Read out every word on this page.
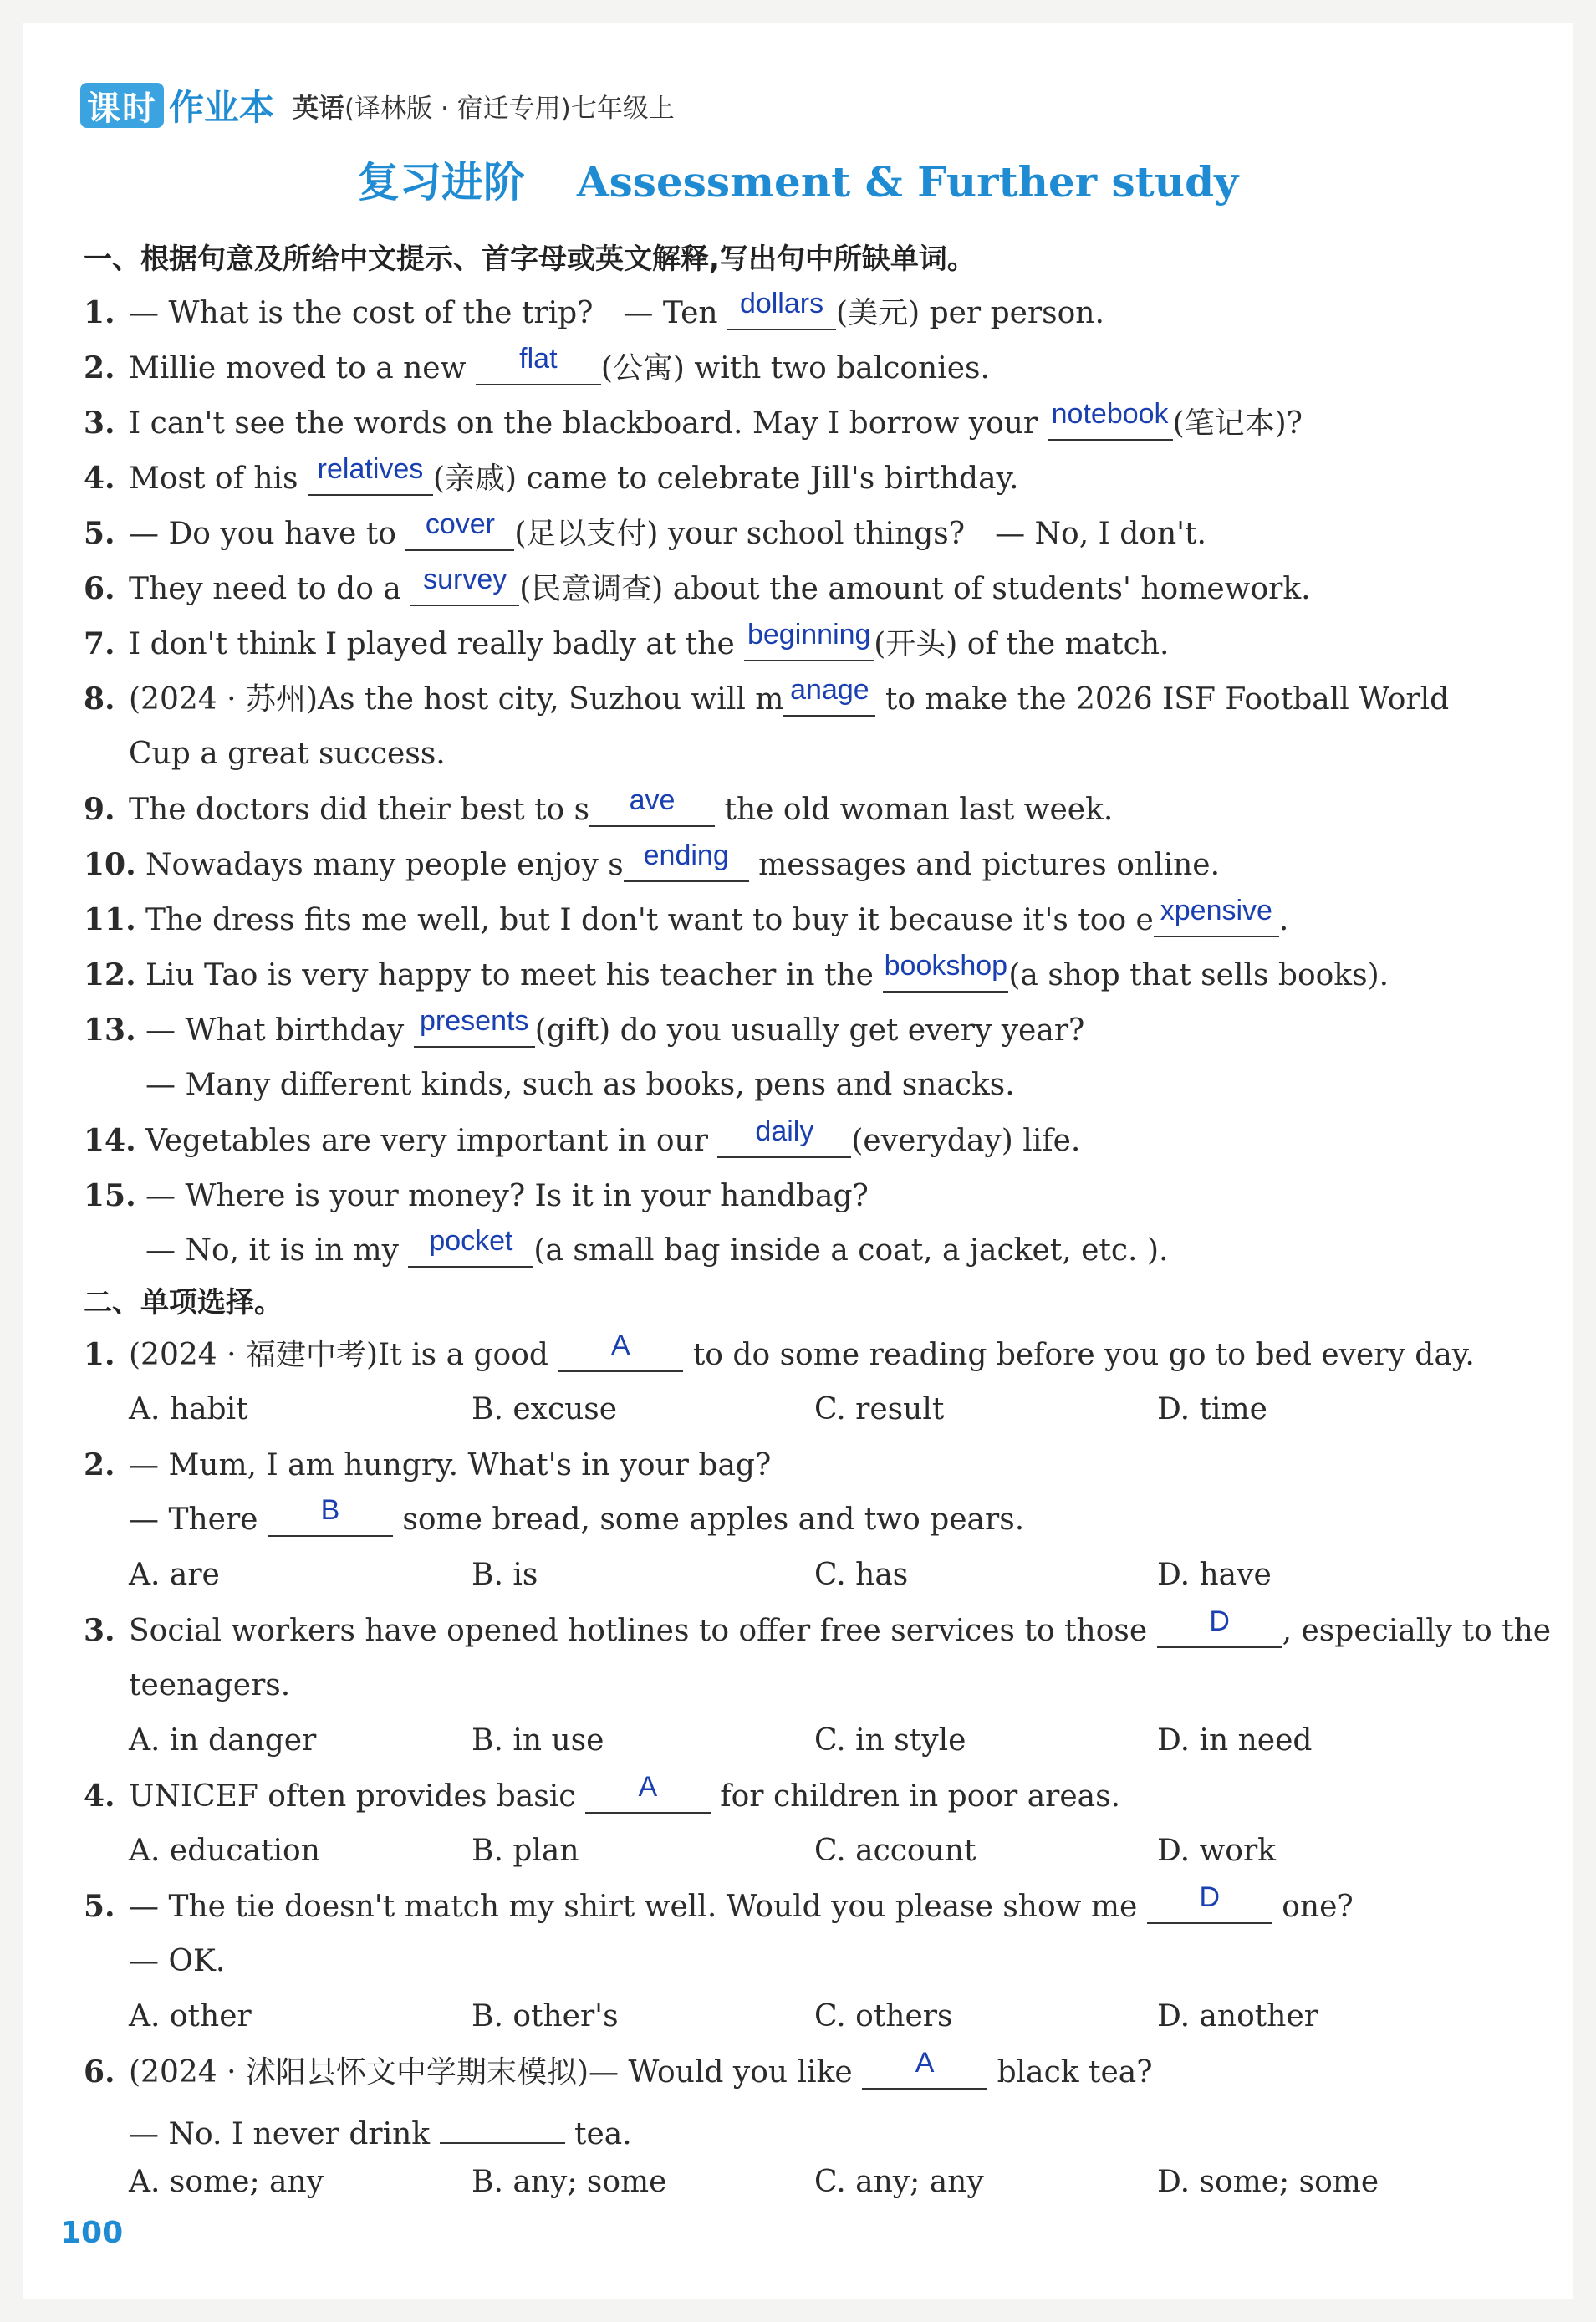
课时 作业本 英语(译林版 · 宿迁专用)七年级上
复习进阶 Assessment & Further study
一、根据句意及所给中文提示、首字母或英文解释,写出句中所缺单词。
1. — What is the cost of the trip?　— Ten dollars (美元) per person.
2. Millie moved to a new flat (公寓) with two balconies.
3. I can't see the words on the blackboard. May I borrow your notebook (笔记本)?
4. Most of his relatives (亲戚) came to celebrate Jill's birthday.
5. — Do you have to cover (足以支付) your school things?　— No, I don't.
6. They need to do a survey (民意调查) about the amount of students' homework.
7. I don't think I played really badly at the beginning (开头) of the match.
8. (2024 · 苏州)As the host city, Suzhou will m anage to make the 2026 ISF Football World
Cup a great success.
9. The doctors did their best to s ave the old woman last week.
10. Nowadays many people enjoy s ending messages and pictures online.
11. The dress fits me well, but I don't want to buy it because it's too e xpensive .
12. Liu Tao is very happy to meet his teacher in the bookshop(a shop that sells books).
13. — What birthday presents (gift) do you usually get every year?
— Many different kinds, such as books, pens and snacks.
14. Vegetables are very important in our daily (everyday) life.
15. — Where is your money? Is it in your handbag?
— No, it is in my pocket (a small bag inside a coat, a jacket, etc. ).
二、单项选择。
1. (2024 · 福建中考)It is a good A to do some reading before you go to bed every day.
A. habit	B. excuse	C. result	D. time
2. — Mum, I am hungry. What's in your bag?
— There B some bread, some apples and two pears.
A. are	B. is	C. has	D. have
3. Social workers have opened hotlines to offer free services to those D , especially to the
teenagers.
A. in danger	B. in use	C. in style	D. in need
4. UNICEF often provides basic A for children in poor areas.
A. education	B. plan	C. account	D. work
5. — The tie doesn't match my shirt well. Would you please show me D one?
— OK.
A. other	B. other's	C. others	D. another
6. (2024 · 沭阳县怀文中学期末模拟)— Would you like A black tea?
— No. I never drink	tea.
A. some; any	B. any; some	C. any; any	D. some; some
100
